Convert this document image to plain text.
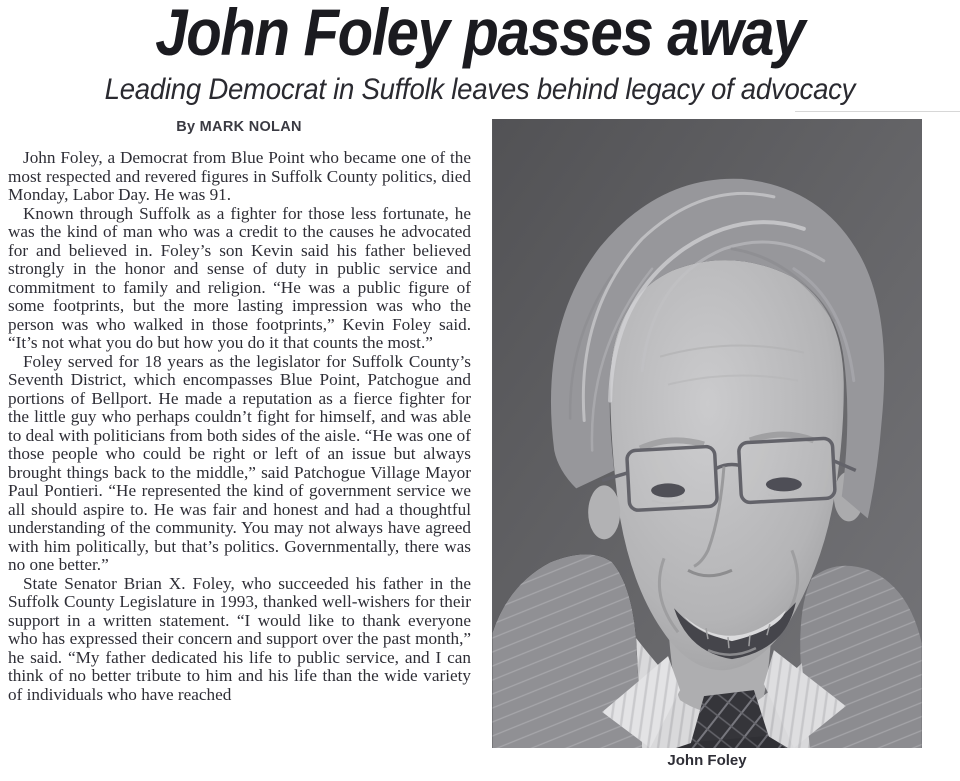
John Foley passes away
Leading Democrat in Suffolk leaves behind legacy of advocacy
By MARK NOLAN

John Foley, a Democrat from Blue Point who became one of the most respected and revered figures in Suffolk County politics, died Monday, Labor Day. He was 91.

Known through Suffolk as a fighter for those less fortunate, he was the kind of man who was a credit to the causes he advocated for and believed in. Foley’s son Kevin said his father believed strongly in the honor and sense of duty in public service and commitment to family and religion. “He was a public figure of some footprints, but the more lasting impression was who the person was who walked in those footprints,” Kevin Foley said. “It’s not what you do but how you do it that counts the most.”

Foley served for 18 years as the legislator for Suffolk County’s Seventh District, which encompasses Blue Point, Patchogue and portions of Bellport. He made a reputation as a fierce fighter for the little guy who perhaps couldn’t fight for himself, and was able to deal with politicians from both sides of the aisle. “He was one of those people who could be right or left of an issue but always brought things back to the middle,” said Patchogue Village Mayor Paul Pontieri. “He represented the kind of government service we all should aspire to. He was fair and honest and had a thoughtful understanding of the community. You may not always have agreed with him politically, but that’s politics. Governmentally, there was no one better.”

State Senator Brian X. Foley, who succeeded his father in the Suffolk County Legislature in 1993, thanked well-wishers for their support in a written statement. “I would like to thank everyone who has expressed their concern and support over the past month,” he said. “My father dedicated his life to public service, and I can think of no better tribute to him and his life than the wide variety of individuals who have reached

John Foley
